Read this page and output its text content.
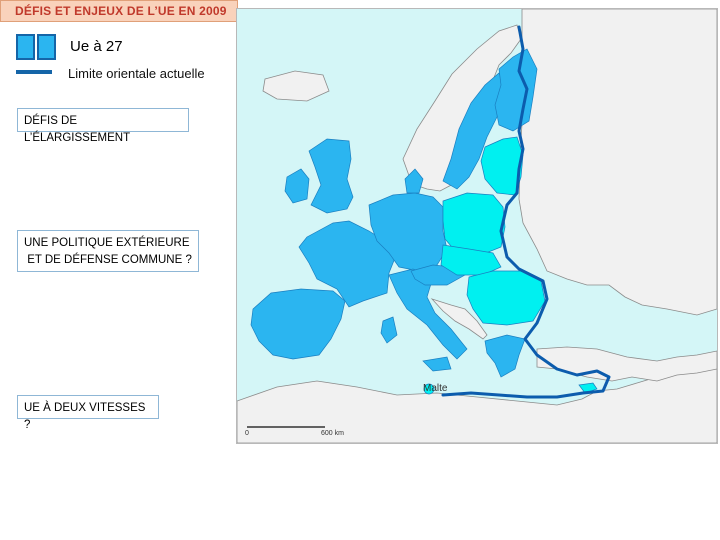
DÉFIS ET ENJEUX DE L’UE EN 2009
Ue à 27
Limite orientale actuelle
DÉFIS DE L’ÉLARGISSEMENT
UNE POLITIQUE EXTÉRIEURE
ET DE DÉFENSE COMMUNE ?
UE À DEUX VITESSES ?
Malte
0	600 km
